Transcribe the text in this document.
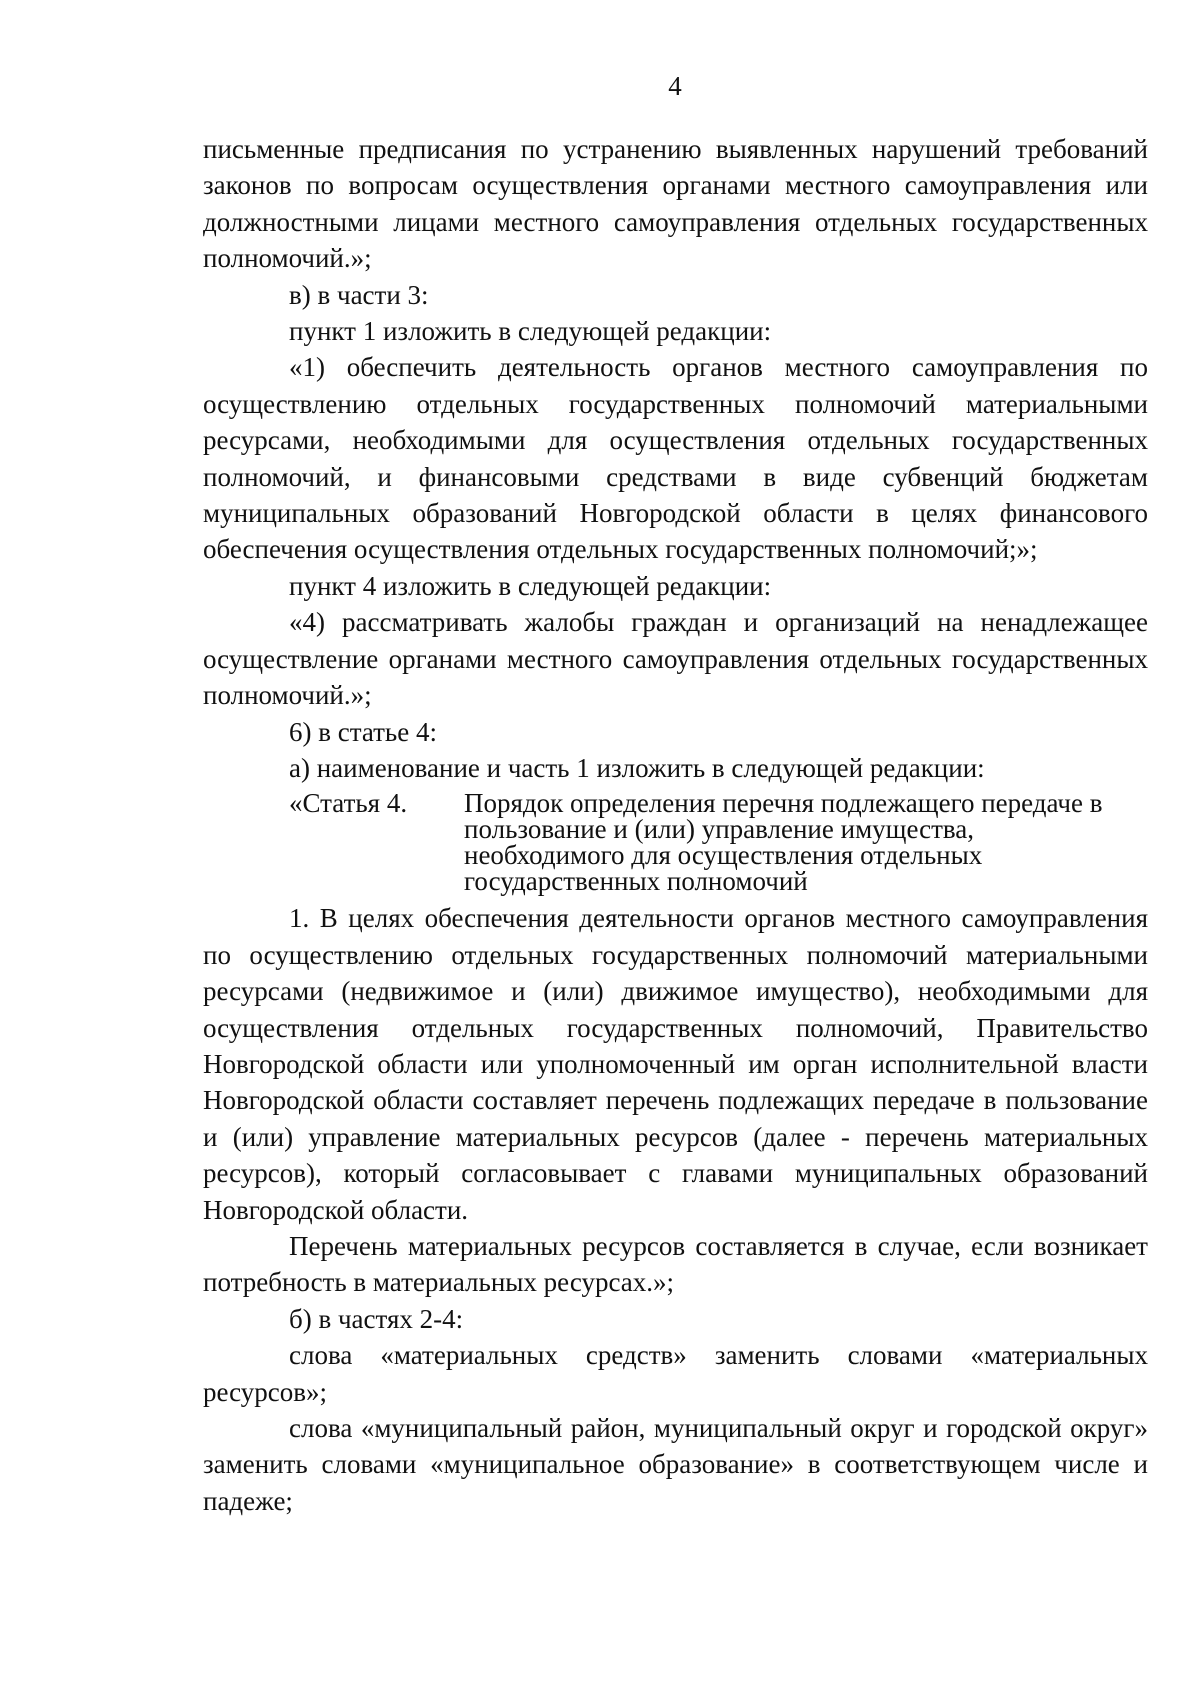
4

письменные предписания по устранению выявленных нарушений требований законов по вопросам осуществления органами местного самоуправления или должностными лицами местного самоуправления отдельных государственных полномочий.»;

в) в части 3:

пункт 1 изложить в следующей редакции:

«1) обеспечить деятельность органов местного самоуправления по осуществлению отдельных государственных полномочий материальными ресурсами, необходимыми для осуществления отдельных государственных полномочий, и финансовыми средствами в виде субвенций бюджетам муниципальных образований Новгородской области в целях финансового обеспечения осуществления отдельных государственных полномочий;»;

пункт 4 изложить в следующей редакции:

«4) рассматривать жалобы граждан и организаций на ненадлежащее осуществление органами местного самоуправления отдельных государственных полномочий.»;

6) в статье 4:

а) наименование и часть 1 изложить в следующей редакции:

«Статья 4.	Порядок определения перечня подлежащего передаче в пользование и (или) управление имущества, необходимого для осуществления отдельных государственных полномочий

1. В целях обеспечения деятельности органов местного самоуправления по осуществлению отдельных государственных полномочий материальными ресурсами (недвижимое и (или) движимое имущество), необходимыми для осуществления отдельных государственных полномочий, Правительство Новгородской области или уполномоченный им орган исполнительной власти Новгородской области составляет перечень подлежащих передаче в пользование и (или) управление материальных ресурсов (далее - перечень материальных ресурсов), который согласовывает с главами муниципальных образований Новгородской области.

Перечень материальных ресурсов составляется в случае, если возникает потребность в материальных ресурсах.»;

б) в частях 2-4:

слова «материальных средств» заменить словами «материальных ресурсов»;

слова «муниципальный район, муниципальный округ и городской округ» заменить словами «муниципальное образование» в соответствующем числе и падеже;
